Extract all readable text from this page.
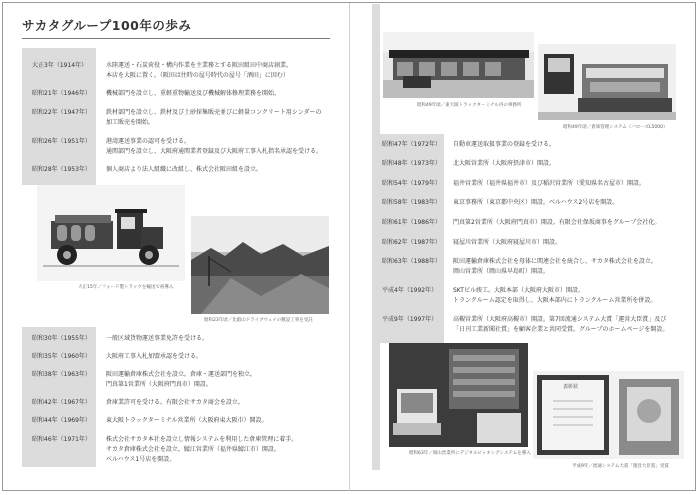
サカタグループ100年の歩み
大正3年（1914年）	水陸運送・石炭荷役・構内作業を主業務とする阪田組田中商店創業。
本店を大阪に置く。（阪田は往時の屋号時代の屋号「酒田」に因む）
昭和21年（1946年）	機械部門を設立し、重軽重物輸送及び機械解体修理業務を開始。
昭和22年（1947年）	鉄材部門を設立し、鉄材及び土砂採集販売並びに軽量コンクリート用シンダーの
加工販売を開始。
昭和26年（1951年）	港湾運送事業の認可を受ける。
通関部門を設立し、大阪府通関業者登録及び大阪府工事入札指名承認を受ける。
昭和28年（1953年）	個人商店より法人組織に改組し、株式会社阪田組を設立。
昭和30年（1955年）	一般区域貨物運送事業免許を受ける。
昭和35年（1960年）	大阪府工事入札加盟承認を受ける。
昭和38年（1963年）	阪田運輸倉庫株式会社を設立。倉庫・運送部門を独立。
門真第1営業所（大阪府門真市）開設。
昭和42年（1967年）	倉庫業許可を受ける。有限会社サカタ商会を設立。
昭和44年（1969年）	東大阪トラックターミナル営業所（大阪府東大阪市）開設。
昭和46年（1971年）	株式会社サカタ本社を設立し情報システムを利用した倉庫管理に着手。
サカタ倉庫株式会社を設立。鯖江営業所（福井県鯖江市）開設。
ベルハウス1号店を開設。
大正15年／フォード製トラックを輸送で初導入
昭和23年頃／比叡山ドライブウェイの敷設工事を受託
昭和49年頃／東大阪トラックターミナル内の事務所
昭和49年頃／倉庫管理システム（バローズL5000）
昭和47年（1972年） 自動車運送取扱事業の登録を受ける。
昭和48年（1973年） 北大阪営業所（大阪府摂津市）開設。
昭和54年（1979年） 福井営業所（福井県福井市）及び稲沢営業所（愛知県名古屋市）開設。
昭和58年（1983年） 東京事務所（東京都中央区）開設。ベルハウス2号店を開設。
昭和61年（1986年） 門真第2営業所（大阪府門真市）開設。有限会社保坂商事をグループ会社化。
昭和62年（1987年） 寝屋川営業所（大阪府寝屋川市）開設。
昭和63年（1988年） 阪田運輸倉庫株式会社を母体に関連会社を統合し、サカタ株式会社を設立。
岡山営業所（岡山県早島町）開設。
平成4年（1992年）	SKTビル竣工。大阪本部（大阪府大阪市）開設。
トランクルーム認定を取得し、大阪本部内にトランクルーム営業所を併設。
平成9年（1997年）	高槻営業所（大阪府高槻市）開設。第7回流通システム大賞「運営大臣賞」及び
「日刊工業新聞社賞」を顧客企業と共同受賞。グループのホームページを開設。
昭和63年／岡山営業所にデジタルピッキングシステムを導入
表彰状
平成9年／流通システム大賞「運営大臣賞」受賞
